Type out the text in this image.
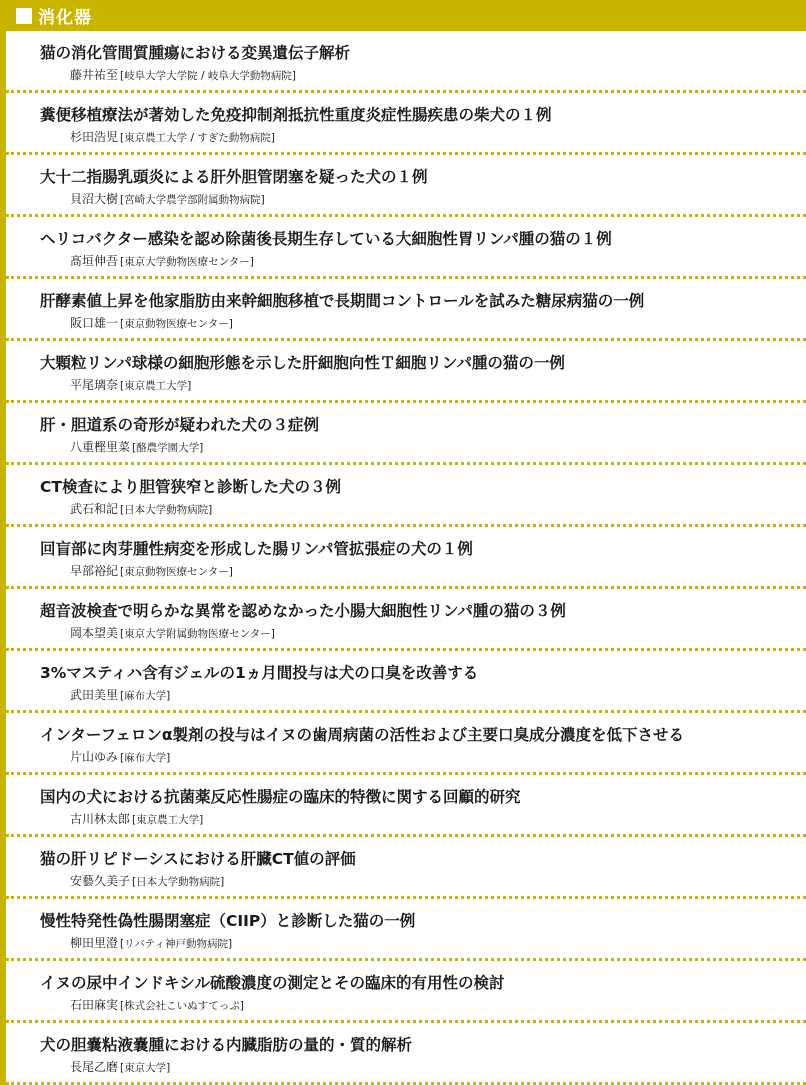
消化器
猫の消化管間質腫瘍における変異遺伝子解析
藤井祐至 [岐阜大学大学院 / 岐阜大学動物病院]
糞便移植療法が著効した免疫抑制剤抵抗性重度炎症性腸疾患の柴犬の１例
杉田浩児 [東京農工大学 / すぎた動物病院]
大十二指腸乳頭炎による肝外胆管閉塞を疑った犬の１例
貝沼大樹 [宮崎大学農学部附属動物病院]
ヘリコバクター感染を認め除菌後長期生存している大細胞性胃リンパ腫の猫の１例
髙垣伸吾 [東京大学動物医療センター]
肝酵素値上昇を他家脂肪由来幹細胞移植で長期間コントロールを試みた糖尿病猫の一例
阪口雄一 [東京動物医療センター]
大顆粒リンパ球様の細胞形態を示した肝細胞向性Ｔ細胞リンパ腫の猫の一例
平尾璃奈 [東京農工大学]
肝・胆道系の奇形が疑われた犬の３症例
八重樫里菜 [酪農学園大学]
CT検査により胆管狭窄と診断した犬の３例
武石和記 [日本大学動物病院]
回盲部に肉芽腫性病変を形成した腸リンパ管拡張症の犬の１例
早部裕紀 [東京動物医療センター]
超音波検査で明らかな異常を認めなかった小腸大細胞性リンパ腫の猫の３例
岡本望美 [東京大学附属動物医療センター]
3%マスティハ含有ジェルの1ヵ月間投与は犬の口臭を改善する
武田美里 [麻布大学]
インターフェロンα製剤の投与はイヌの歯周病菌の活性および主要口臭成分濃度を低下させる
片山ゆみ [麻布大学]
国内の犬における抗菌薬反応性腸症の臨床的特徴に関する回顧的研究
古川林太郎 [東京農工大学]
猫の肝リピドーシスにおける肝臓CT値の評価
安藝久美子 [日本大学動物病院]
慢性特発性偽性腸閉塞症（CIIP）と診断した猫の一例
柳田里澄 [リバティ神戸動物病院]
イヌの尿中インドキシル硫酸濃度の測定とその臨床的有用性の検討
石田麻実 [株式会社こいぬすてっぷ]
犬の胆嚢粘液嚢腫における内臓脂肪の量的・質的解析
長尾乙磨 [東京大学]
